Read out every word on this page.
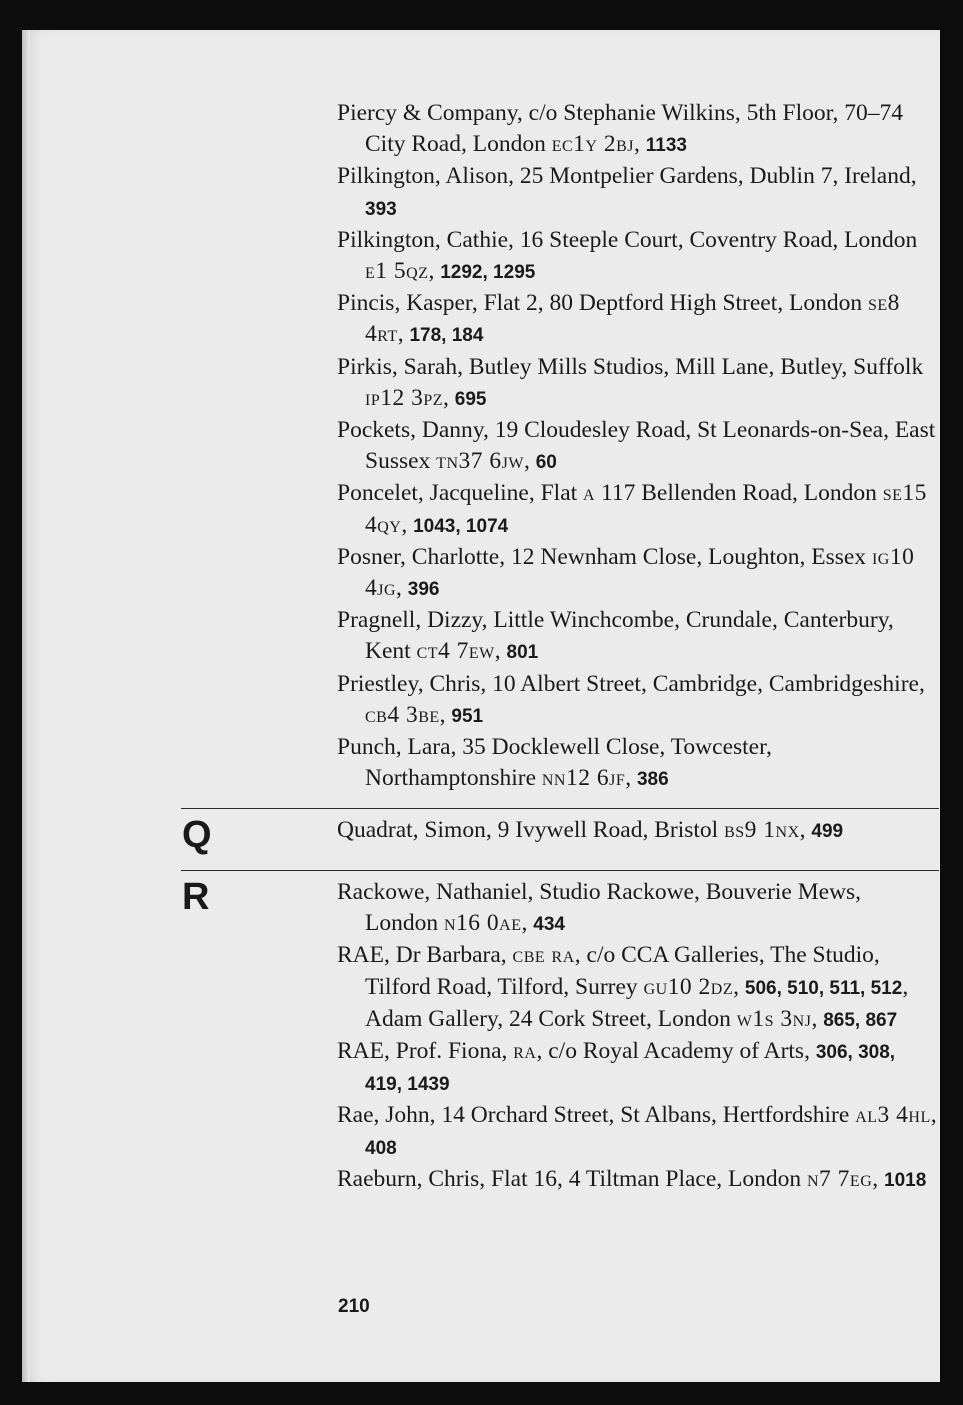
Piercy & Company, c/o Stephanie Wilkins, 5th Floor, 70–74 City Road, London ec1y 2bj, 1133
Pilkington, Alison, 25 Montpelier Gardens, Dublin 7, Ireland, 393
Pilkington, Cathie, 16 Steeple Court, Coventry Road, London e1 5qz, 1292, 1295
Pincis, Kasper, Flat 2, 80 Deptford High Street, London se8 4rt, 178, 184
Pirkis, Sarah, Butley Mills Studios, Mill Lane, Butley, Suffolk ip12 3pz, 695
Pockets, Danny, 19 Cloudesley Road, St Leonards-on-Sea, East Sussex tn37 6jw, 60
Poncelet, Jacqueline, Flat a 117 Bellenden Road, London se15 4qy, 1043, 1074
Posner, Charlotte, 12 Newnham Close, Loughton, Essex ig10 4jg, 396
Pragnell, Dizzy, Little Winchcombe, Crundale, Canterbury, Kent ct4 7ew, 801
Priestley, Chris, 10 Albert Street, Cambridge, Cambridgeshire, cb4 3be, 951
Punch, Lara, 35 Docklewell Close, Towcester, Northamptonshire nn12 6jf, 386
Q	Quadrat, Simon, 9 Ivywell Road, Bristol bs9 1nx, 499
R	Rackowe, Nathaniel, Studio Rackowe, Bouverie Mews, London n16 0ae, 434
RAE, Dr Barbara, cbe ra, c/o CCA Galleries, The Studio, Tilford Road, Tilford, Surrey gu10 2dz, 506, 510, 511, 512, Adam Gallery, 24 Cork Street, London w1s 3nj, 865, 867
RAE, Prof. Fiona, ra, c/o Royal Academy of Arts, 306, 308, 419, 1439
Rae, John, 14 Orchard Street, St Albans, Hertfordshire al3 4hl, 408
Raeburn, Chris, Flat 16, 4 Tiltman Place, London n7 7eg, 1018
210
